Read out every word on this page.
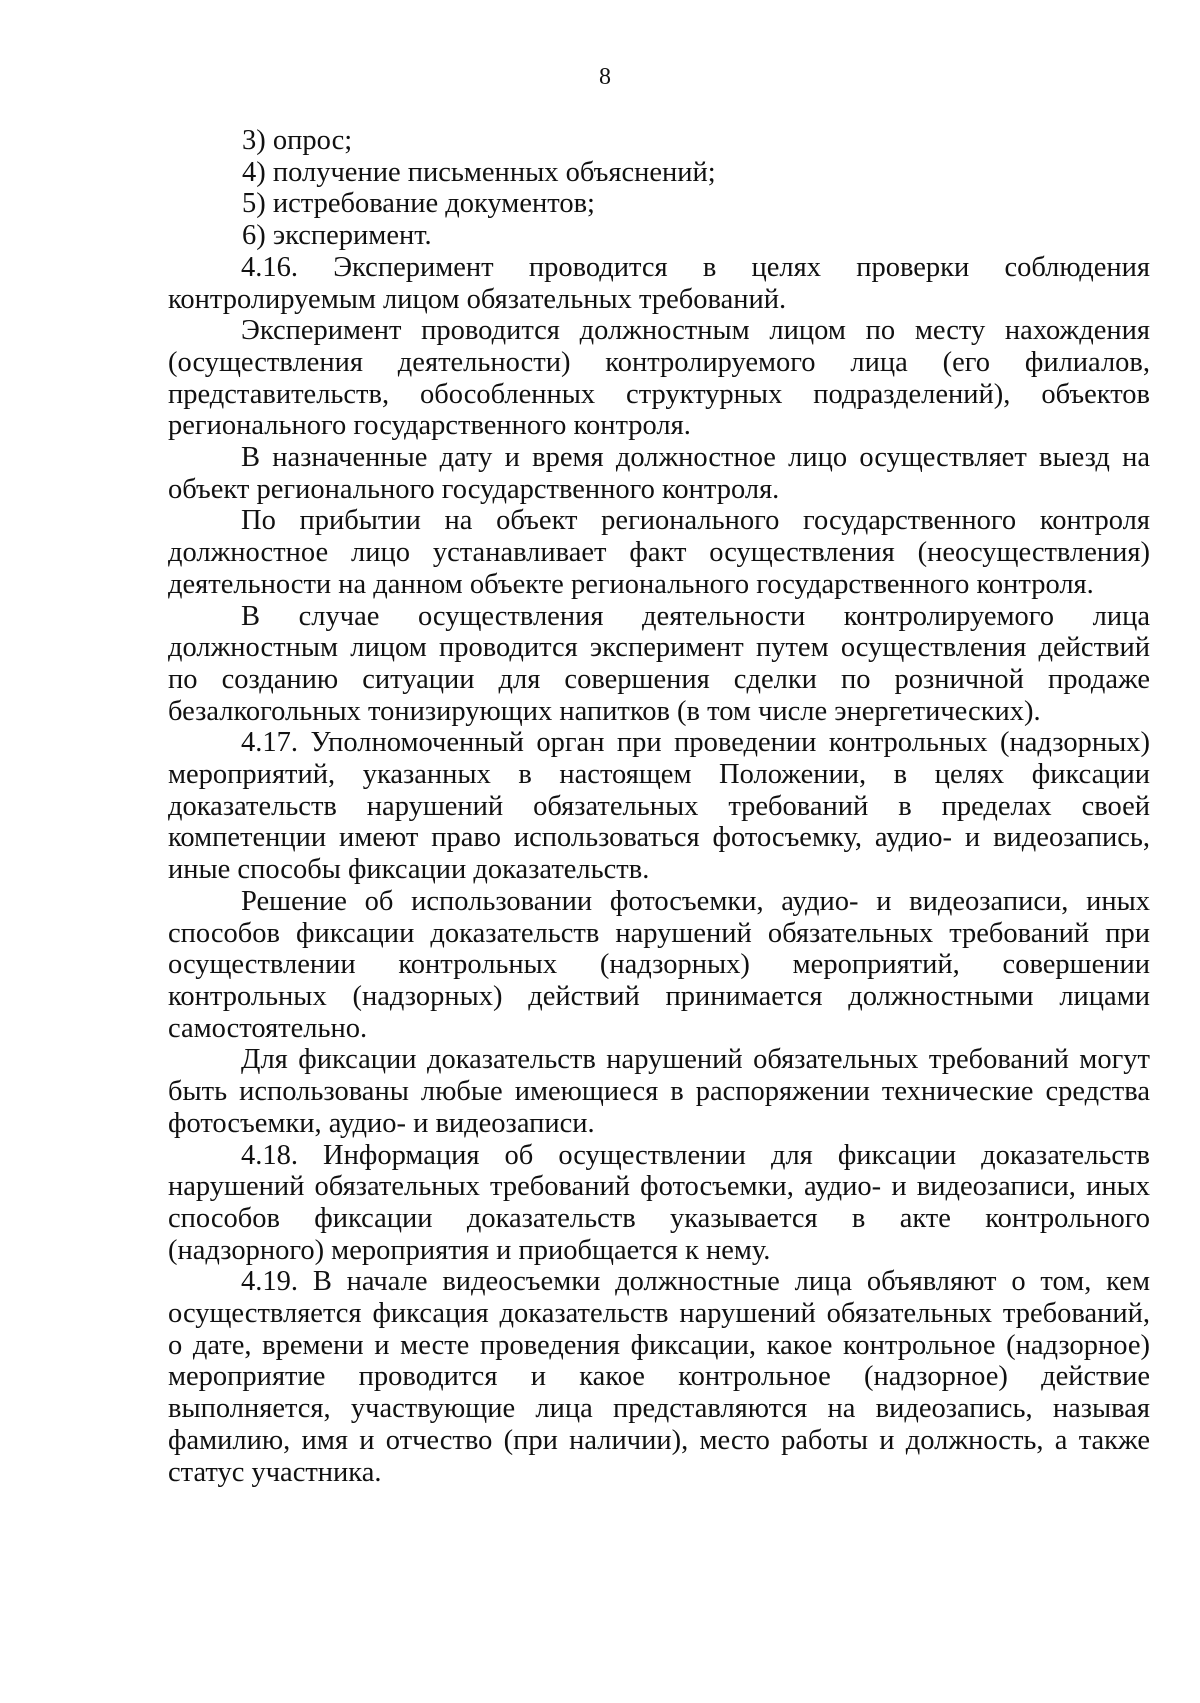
8

3) опрос;

4) получение письменных объяснений;

5) истребование документов;

6) эксперимент.

4.16. Эксперимент проводится в целях проверки соблюдения контролируемым лицом обязательных требований.

Эксперимент проводится должностным лицом по месту нахождения (осуществления деятельности) контролируемого лица (его филиалов, представительств, обособленных структурных подразделений), объектов регионального государственного контроля.

В назначенные дату и время должностное лицо осуществляет выезд на объект регионального государственного контроля.

По прибытии на объект регионального государственного контроля должностное лицо устанавливает факт осуществления (неосуществления) деятельности на данном объекте регионального государственного контроля.

В случае осуществления деятельности контролируемого лица должностным лицом проводится эксперимент путем осуществления действий по созданию ситуации для совершения сделки по розничной продаже безалкогольных тонизирующих напитков (в том числе энергетических).

4.17. Уполномоченный орган при проведении контрольных (надзорных) мероприятий, указанных в настоящем Положении, в целях фиксации доказательств нарушений обязательных требований в пределах своей компетенции имеют право использоваться фотосъемку, аудио- и видеозапись, иные способы фиксации доказательств.

Решение об использовании фотосъемки, аудио- и видеозаписи, иных способов фиксации доказательств нарушений обязательных требований при осуществлении контрольных (надзорных) мероприятий, совершении контрольных (надзорных) действий принимается должностными лицами самостоятельно.

Для фиксации доказательств нарушений обязательных требований могут быть использованы любые имеющиеся в распоряжении технические средства фотосъемки, аудио- и видеозаписи.

4.18. Информация об осуществлении для фиксации доказательств нарушений обязательных требований фотосъемки, аудио- и видеозаписи, иных способов фиксации доказательств указывается в акте контрольного (надзорного) мероприятия и приобщается к нему.

4.19. В начале видеосъемки должностные лица объявляют о том, кем осуществляется фиксация доказательств нарушений обязательных требований, о дате, времени и месте проведения фиксации, какое контрольное (надзорное) мероприятие проводится и какое контрольное (надзорное) действие выполняется, участвующие лица представляются на видеозапись, называя фамилию, имя и отчество (при наличии), место работы и должность, а также статус участника.
